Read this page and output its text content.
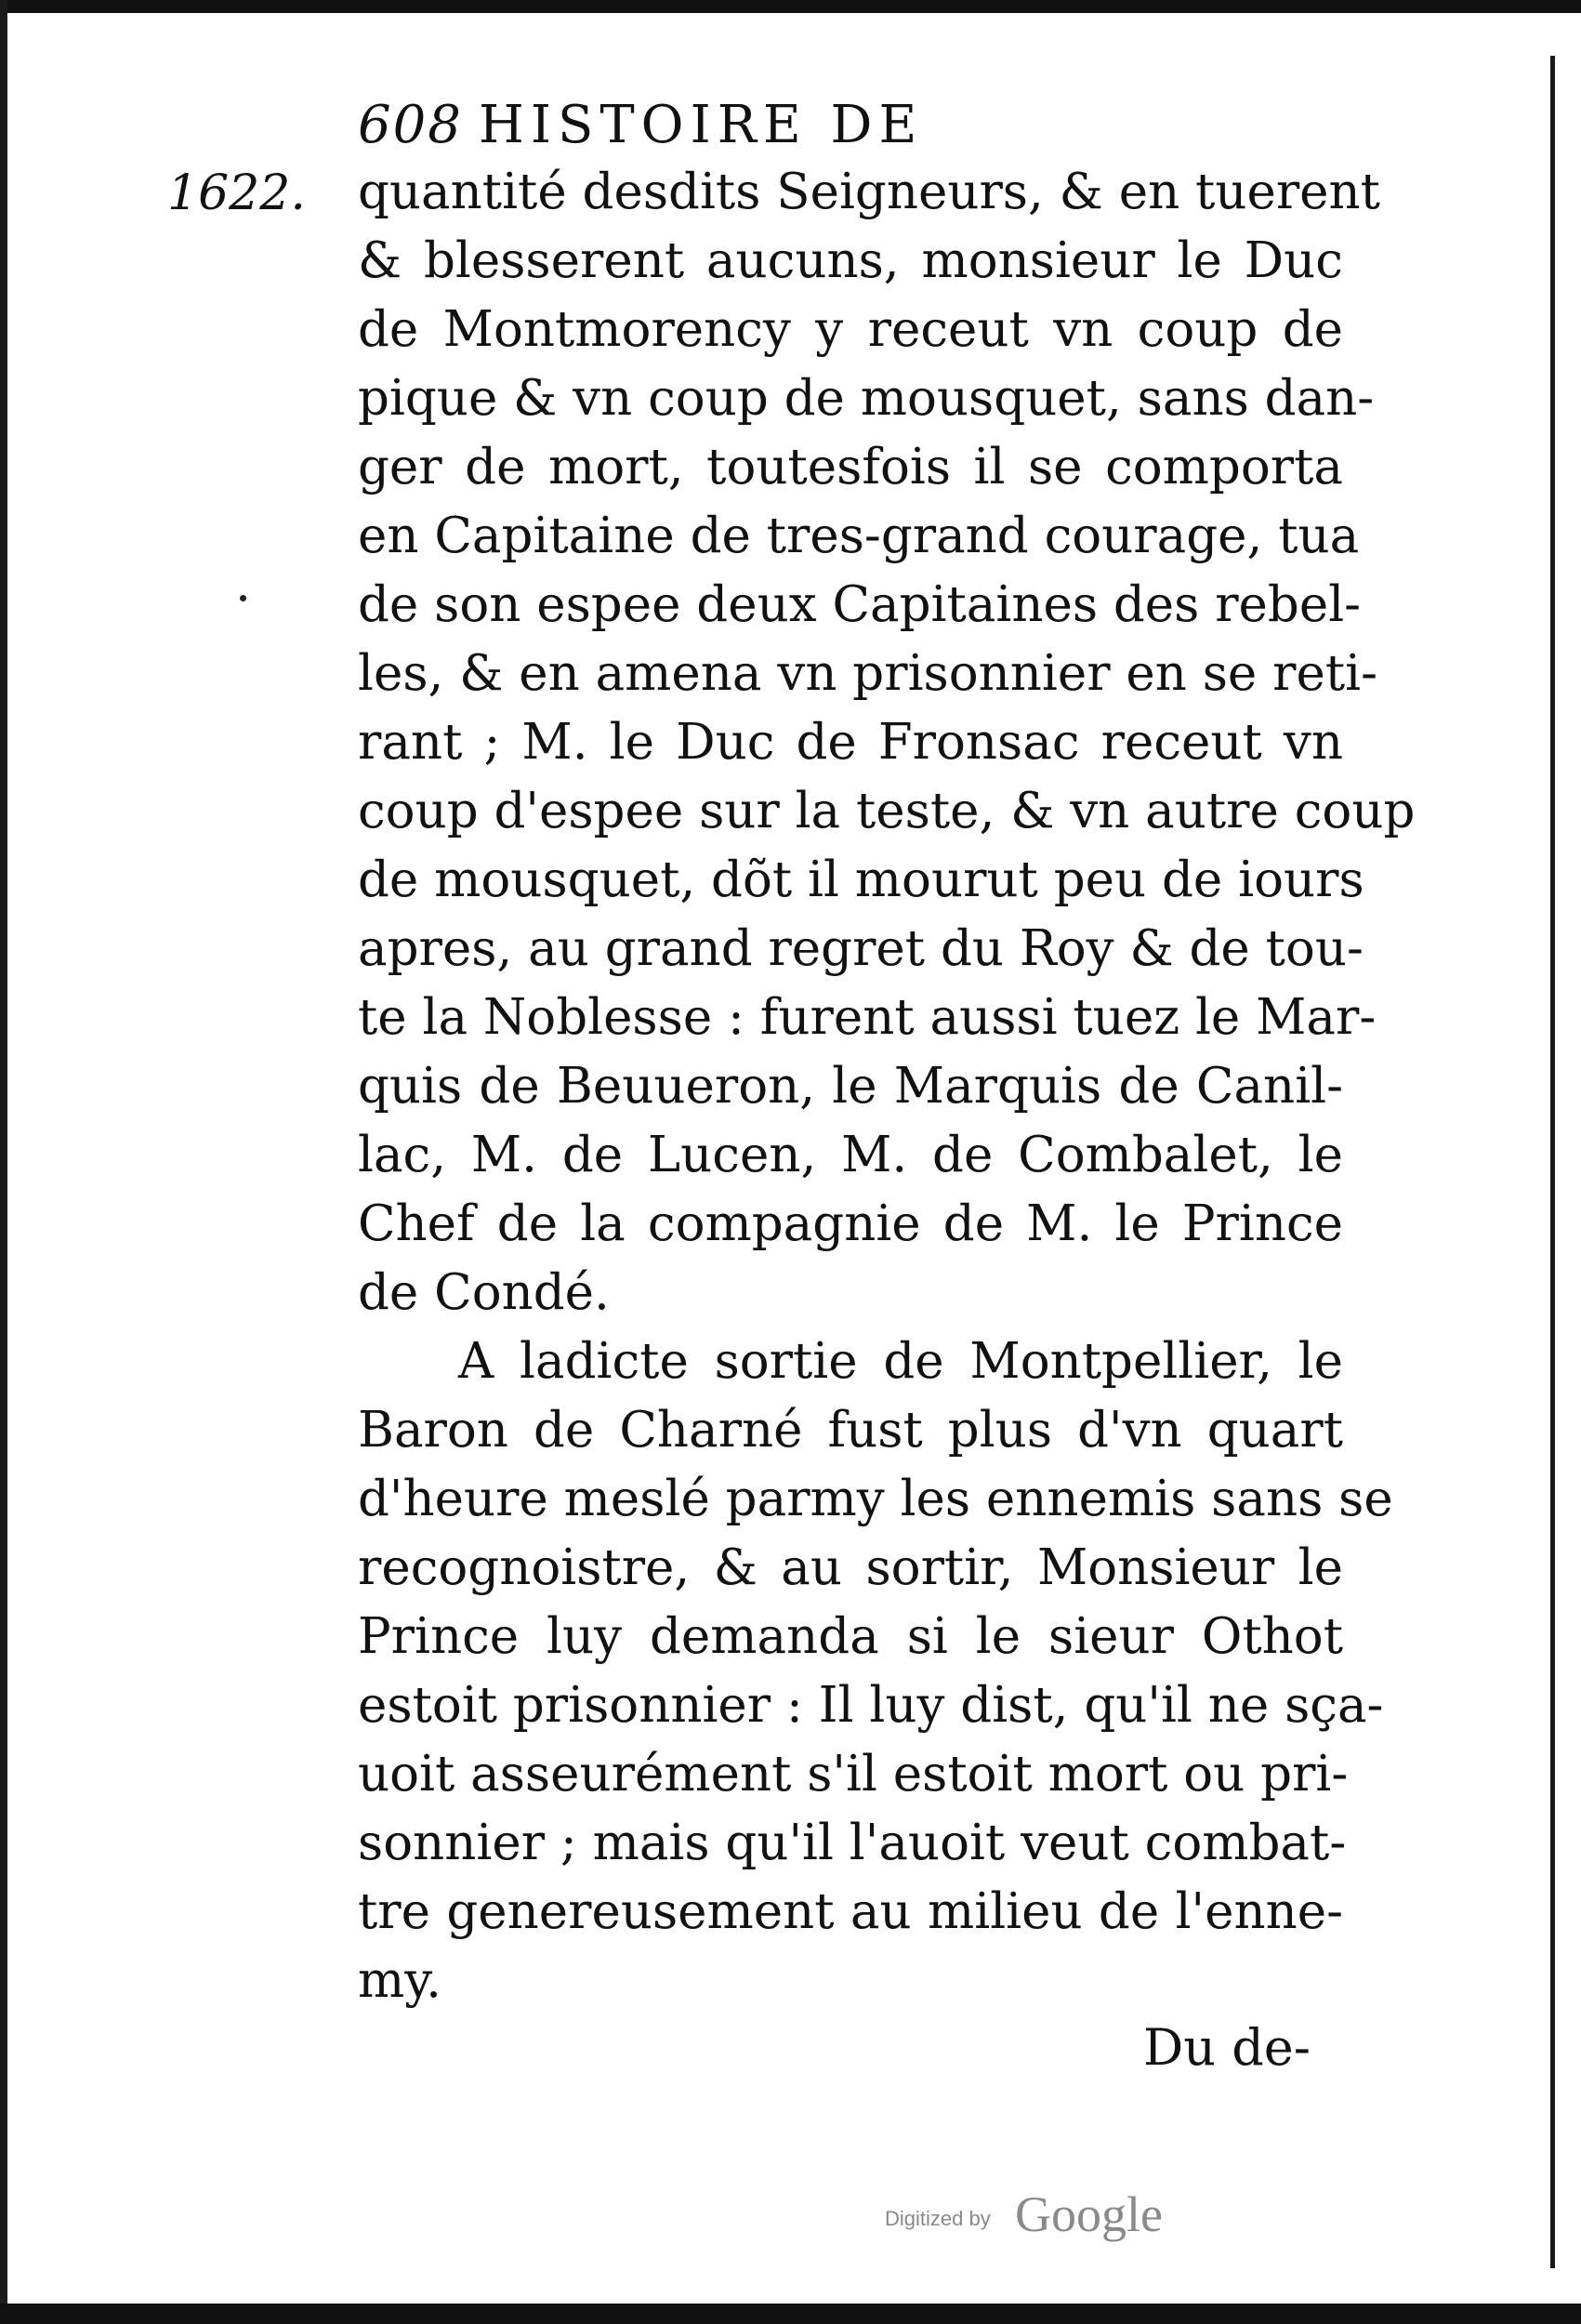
608 HISTOIRE DE
1622. quantité desdits Seigneurs, & en tuerent
& blesserent aucuns, monsieur le Duc
de Montmorency y receut vn coup de
pique & vn coup de mousquet, sans dan-
ger de mort, toutesfois il se comporta
en Capitaine de tres-grand courage, tua
de son espee deux Capitaines des rebel-
les, & en amena vn prisonnier en se reti-
rant ; M. le Duc de Fronsac receut vn
coup d'espee sur la teste, & vn autre coup
de mousquet, dõt il mourut peu de iours
apres, au grand regret du Roy & de tou-
te la Noblesse : furent aussi tuez le Mar-
quis de Beuueron, le Marquis de Canil-
lac, M. de Lucen, M. de Combalet, le
Chef de la compagnie de M. le Prince
de Condé.
A ladicte sortie de Montpellier, le
Baron de Charné fust plus d'vn quart
d'heure meslé parmy les ennemis sans se
recognoistre, & au sortir, Monsieur le
Prince luy demanda si le sieur Othot
estoit prisonnier : Il luy dist, qu'il ne sça-
uoit asseurément s'il estoit mort ou pri-
sonnier ; mais qu'il l'auoit veut combat-
tre genereusement au milieu de l'enne-
my.
Du de-
Digitized by Google
